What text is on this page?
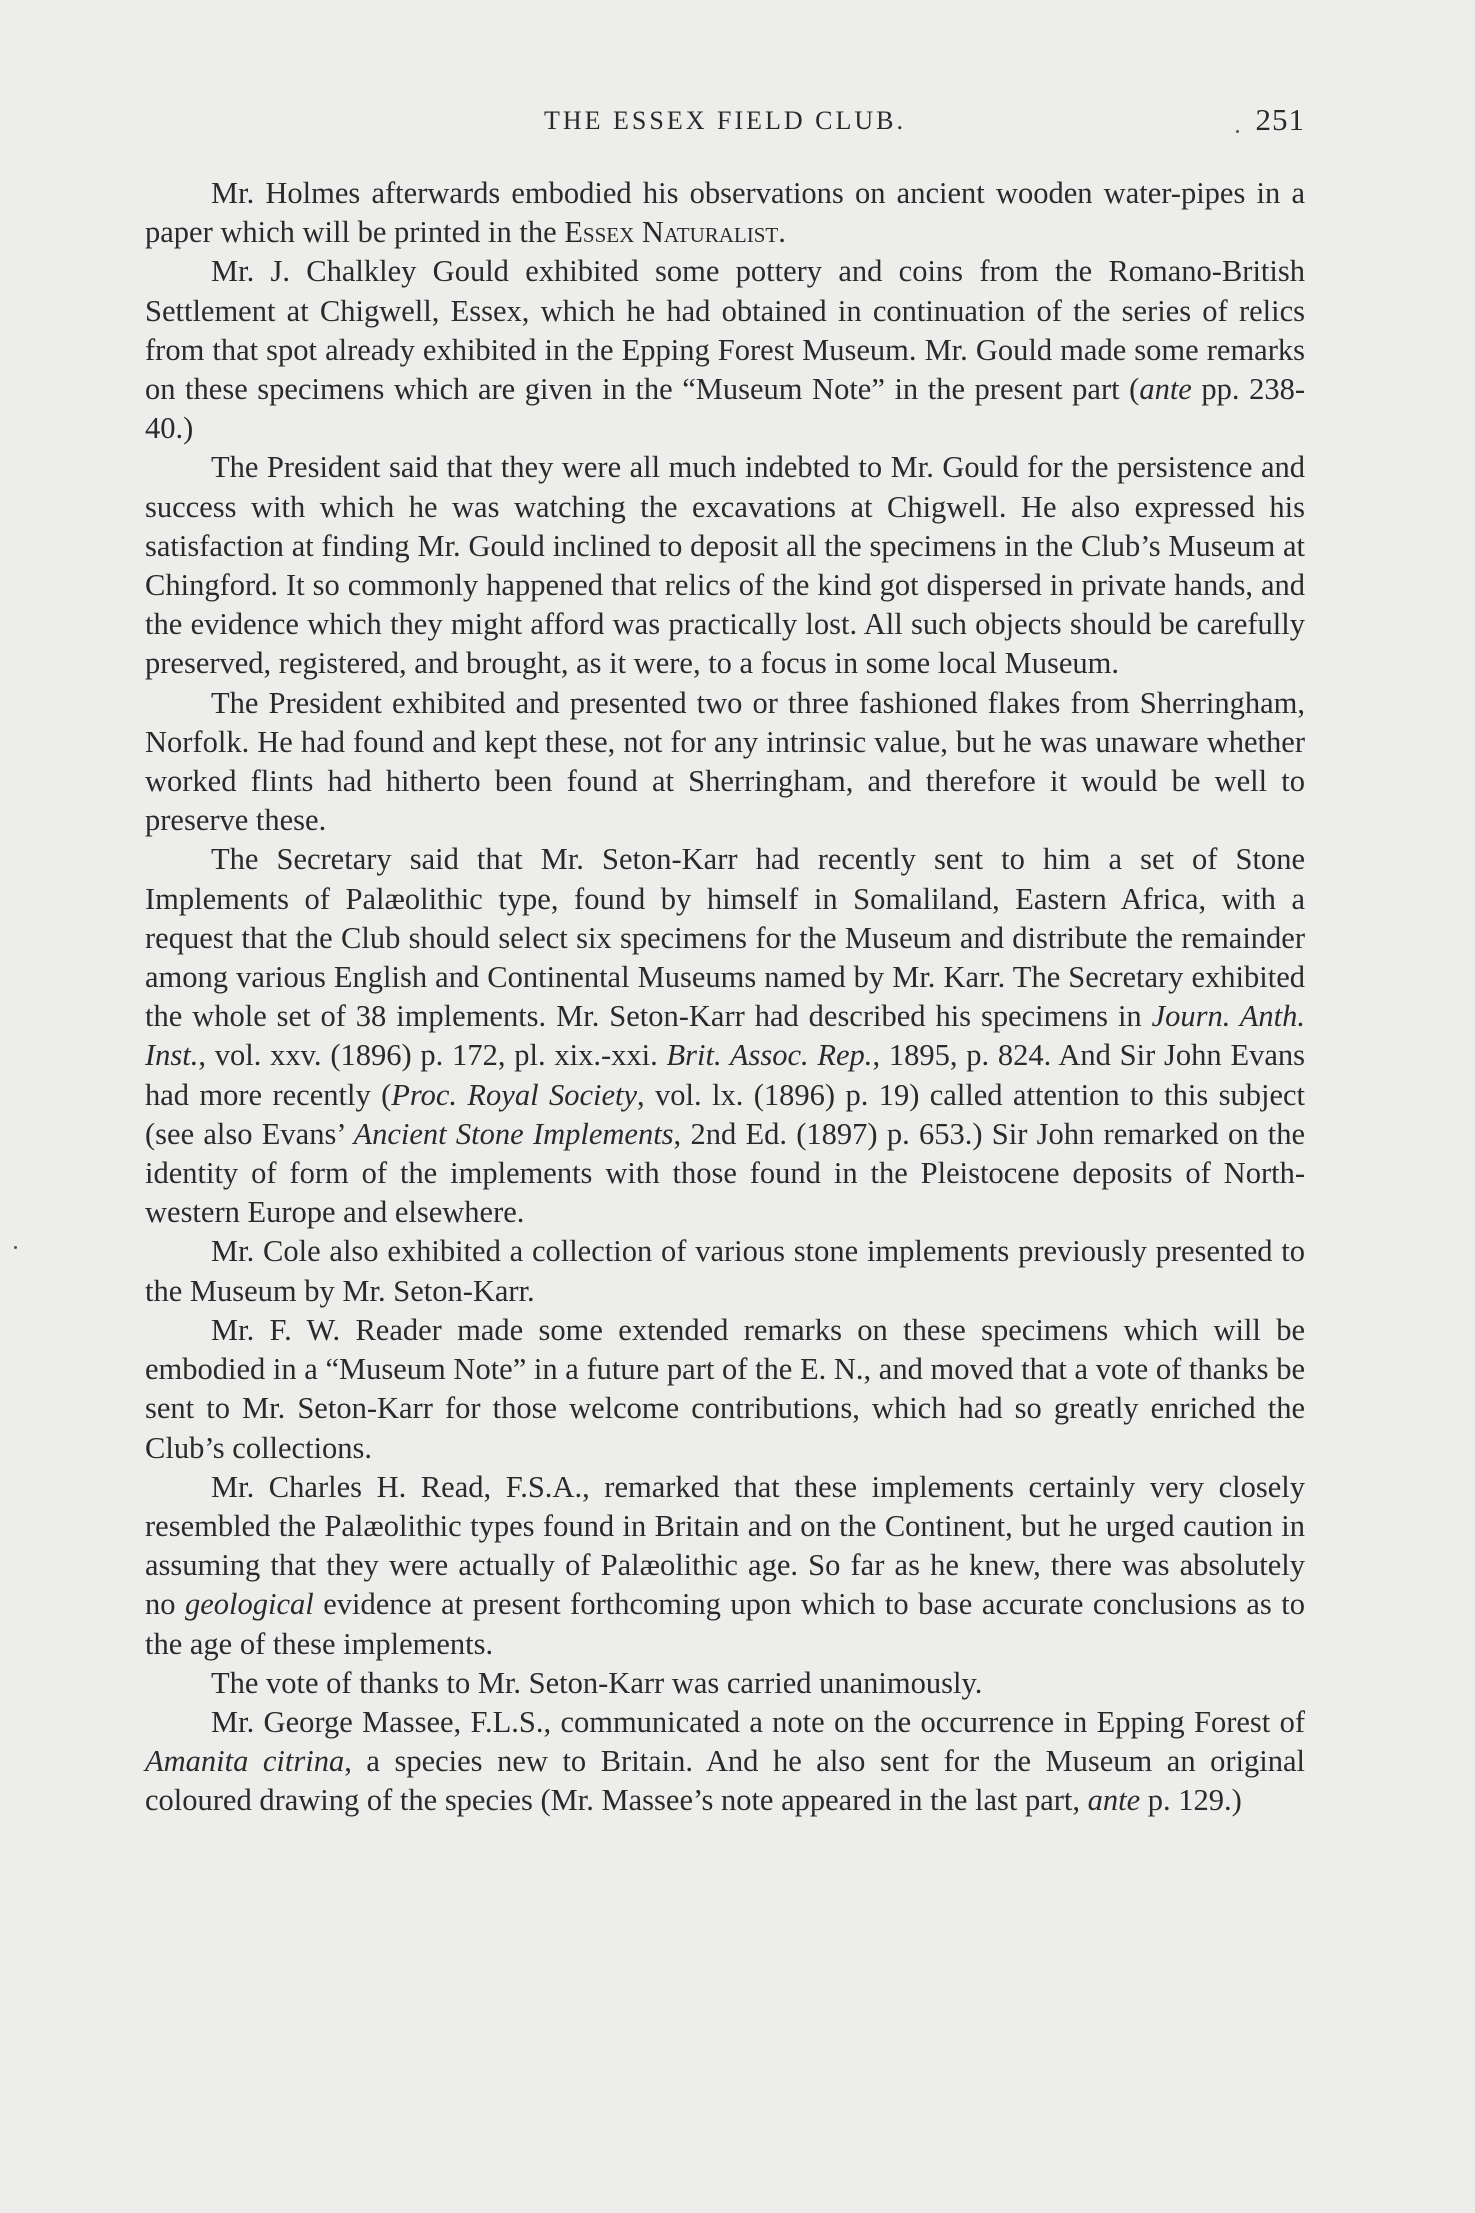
THE ESSEX FIELD CLUB.	251

Mr. Holmes afterwards embodied his observations on ancient wooden water-pipes in a paper which will be printed in the Essex Naturalist.

Mr. J. Chalkley Gould exhibited some pottery and coins from the Romano-British Settlement at Chigwell, Essex, which he had obtained in continuation of the series of relics from that spot already exhibited in the Epping Forest Museum. Mr. Gould made some remarks on these specimens which are given in the “Museum Note” in the present part (ante pp. 238-40.)

The President said that they were all much indebted to Mr. Gould for the persistence and success with which he was watching the excavations at Chigwell. He also expressed his satisfaction at finding Mr. Gould inclined to deposit all the specimens in the Club’s Museum at Chingford. It so commonly happened that relics of the kind got dispersed in private hands, and the evidence which they might afford was practically lost. All such objects should be carefully preserved, registered, and brought, as it were, to a focus in some local Museum.

The President exhibited and presented two or three fashioned flakes from Sherringham, Norfolk. He had found and kept these, not for any intrinsic value, but he was unaware whether worked flints had hitherto been found at Sherringham, and therefore it would be well to preserve these.

The Secretary said that Mr. Seton-Karr had recently sent to him a set of Stone Implements of Palæolithic type, found by himself in Somaliland, Eastern Africa, with a request that the Club should select six specimens for the Museum and distribute the remainder among various English and Continental Museums named by Mr. Karr. The Secretary exhibited the whole set of 38 implements. Mr. Seton-Karr had described his specimens in Journ. Anth. Inst., vol. xxv. (1896) p. 172, pl. xix.-xxi. Brit. Assoc. Rep., 1895, p. 824. And Sir John Evans had more recently (Proc. Royal Society, vol. lx. (1896) p. 19) called attention to this subject (see also Evans’ Ancient Stone Implements, 2nd Ed. (1897) p. 653.) Sir John remarked on the identity of form of the implements with those found in the Pleistocene deposits of North-western Europe and elsewhere.

Mr. Cole also exhibited a collection of various stone implements previously presented to the Museum by Mr. Seton-Karr.

Mr. F. W. Reader made some extended remarks on these specimens which will be embodied in a “Museum Note” in a future part of the E. N., and moved that a vote of thanks be sent to Mr. Seton-Karr for those welcome contributions, which had so greatly enriched the Club’s collections.

Mr. Charles H. Read, F.S.A., remarked that these implements certainly very closely resembled the Palæolithic types found in Britain and on the Continent, but he urged caution in assuming that they were actually of Palæolithic age. So far as he knew, there was absolutely no geological evidence at present forthcoming upon which to base accurate conclusions as to the age of these implements.

The vote of thanks to Mr. Seton-Karr was carried unanimously.

Mr. George Massee, F.L.S., communicated a note on the occurrence in Epping Forest of Amanita citrina, a species new to Britain. And he also sent for the Museum an original coloured drawing of the species (Mr. Massee’s note appeared in the last part, ante p. 129.)
